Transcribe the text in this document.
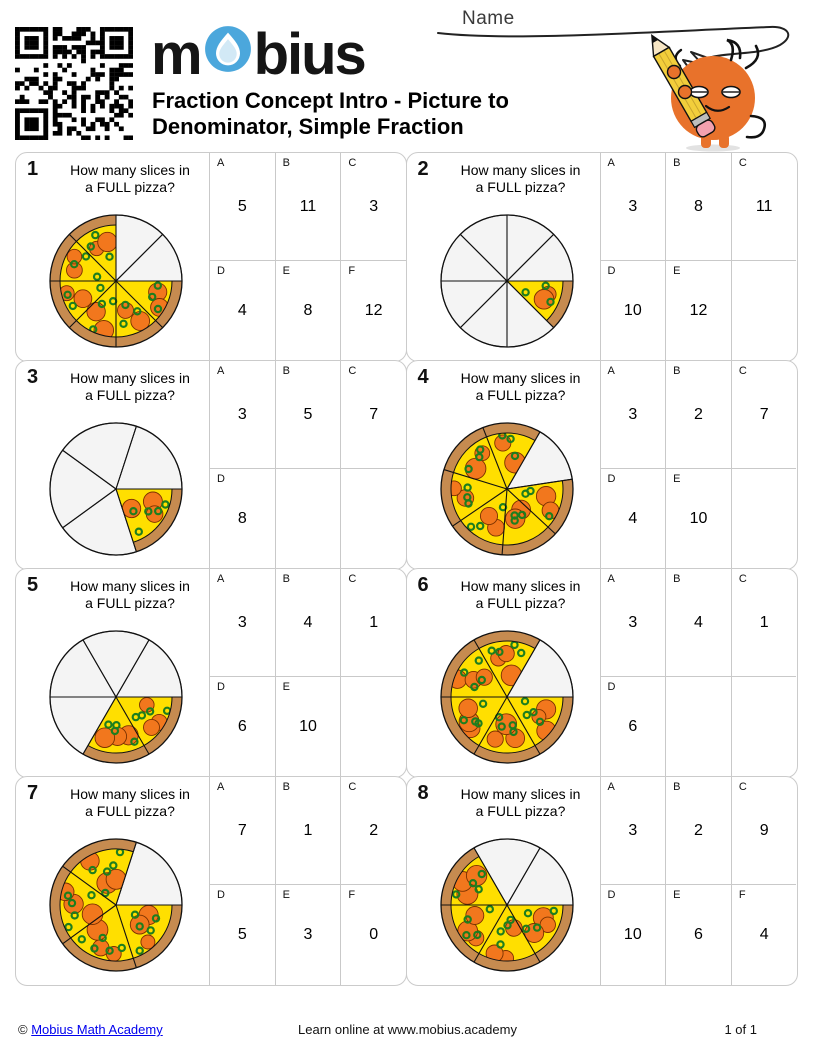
m bius
Fraction Concept Intro - Picture to
Denominator, Simple Fraction
Name
1	How many slices in
a FULL pizza?
A
5
B
11
C
3
D
4
E
8
F
12
2	How many slices in
a FULL pizza?
A
3
B
8
C
11
D
10
E
12
3	How many slices in
a FULL pizza?
A
3
B
5
C
7
D
8
4	How many slices in
a FULL pizza?
A
3
B
2
C
7
D
4
E
10
5	How many slices in
a FULL pizza?
A
3
B
4
C
1
D
6
E
10
6	How many slices in
a FULL pizza?
A
3
B
4
C
1
D
6
7	How many slices in
a FULL pizza?
A
7
B
1
C
2
D
5
E
3
F
0
8	How many slices in
a FULL pizza?
A
3
B
2
C
9
D
10
E
6
F
4
© Mobius Math Academy	Learn online at www.mobius.academy	1 of 1
